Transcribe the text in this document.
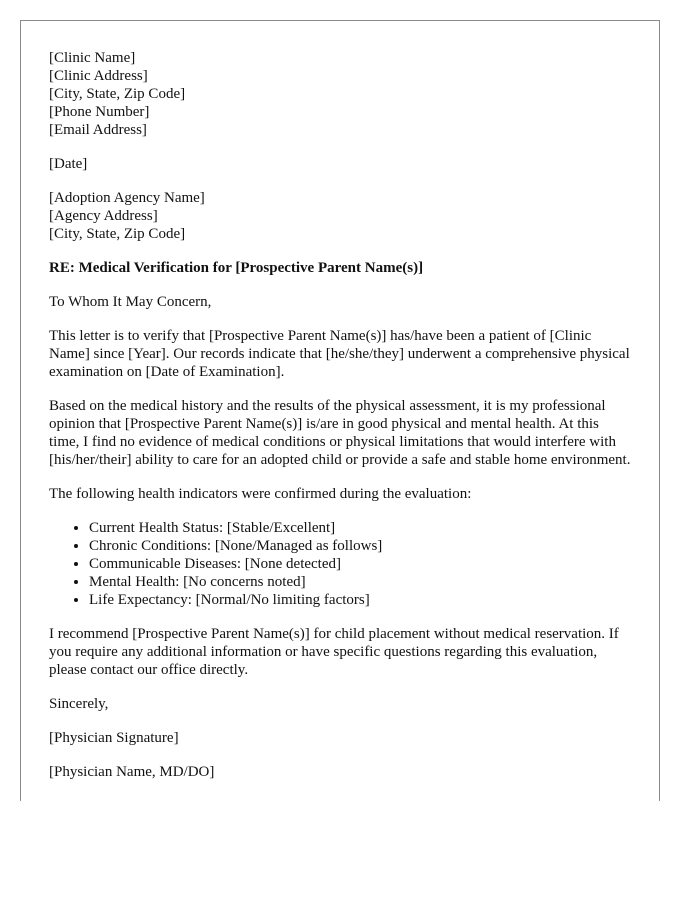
[Clinic Name]
[Clinic Address]
[City, State, Zip Code]
[Phone Number]
[Email Address]
[Date]
[Adoption Agency Name]
[Agency Address]
[City, State, Zip Code]
RE: Medical Verification for [Prospective Parent Name(s)]

To Whom It May Concern,

This letter is to verify that [Prospective Parent Name(s)] has/have been a patient of [Clinic Name] since [Year]. Our records indicate that [he/she/they] underwent a comprehensive physical examination on [Date of Examination].

Based on the medical history and the results of the physical assessment, it is my professional opinion that [Prospective Parent Name(s)] is/are in good physical and mental health. At this time, I find no evidence of medical conditions or physical limitations that would interfere with [his/her/their] ability to care for an adopted child or provide a safe and stable home environment.

The following health indicators were confirmed during the evaluation:

• Current Health Status: [Stable/Excellent]
• Chronic Conditions: [None/Managed as follows]
• Communicable Diseases: [None detected]
• Mental Health: [No concerns noted]
• Life Expectancy: [Normal/No limiting factors]

I recommend [Prospective Parent Name(s)] for child placement without medical reservation. If you require any additional information or have specific questions regarding this evaluation, please contact our office directly.

Sincerely,

[Physician Signature]

[Physician Name, MD/DO]
